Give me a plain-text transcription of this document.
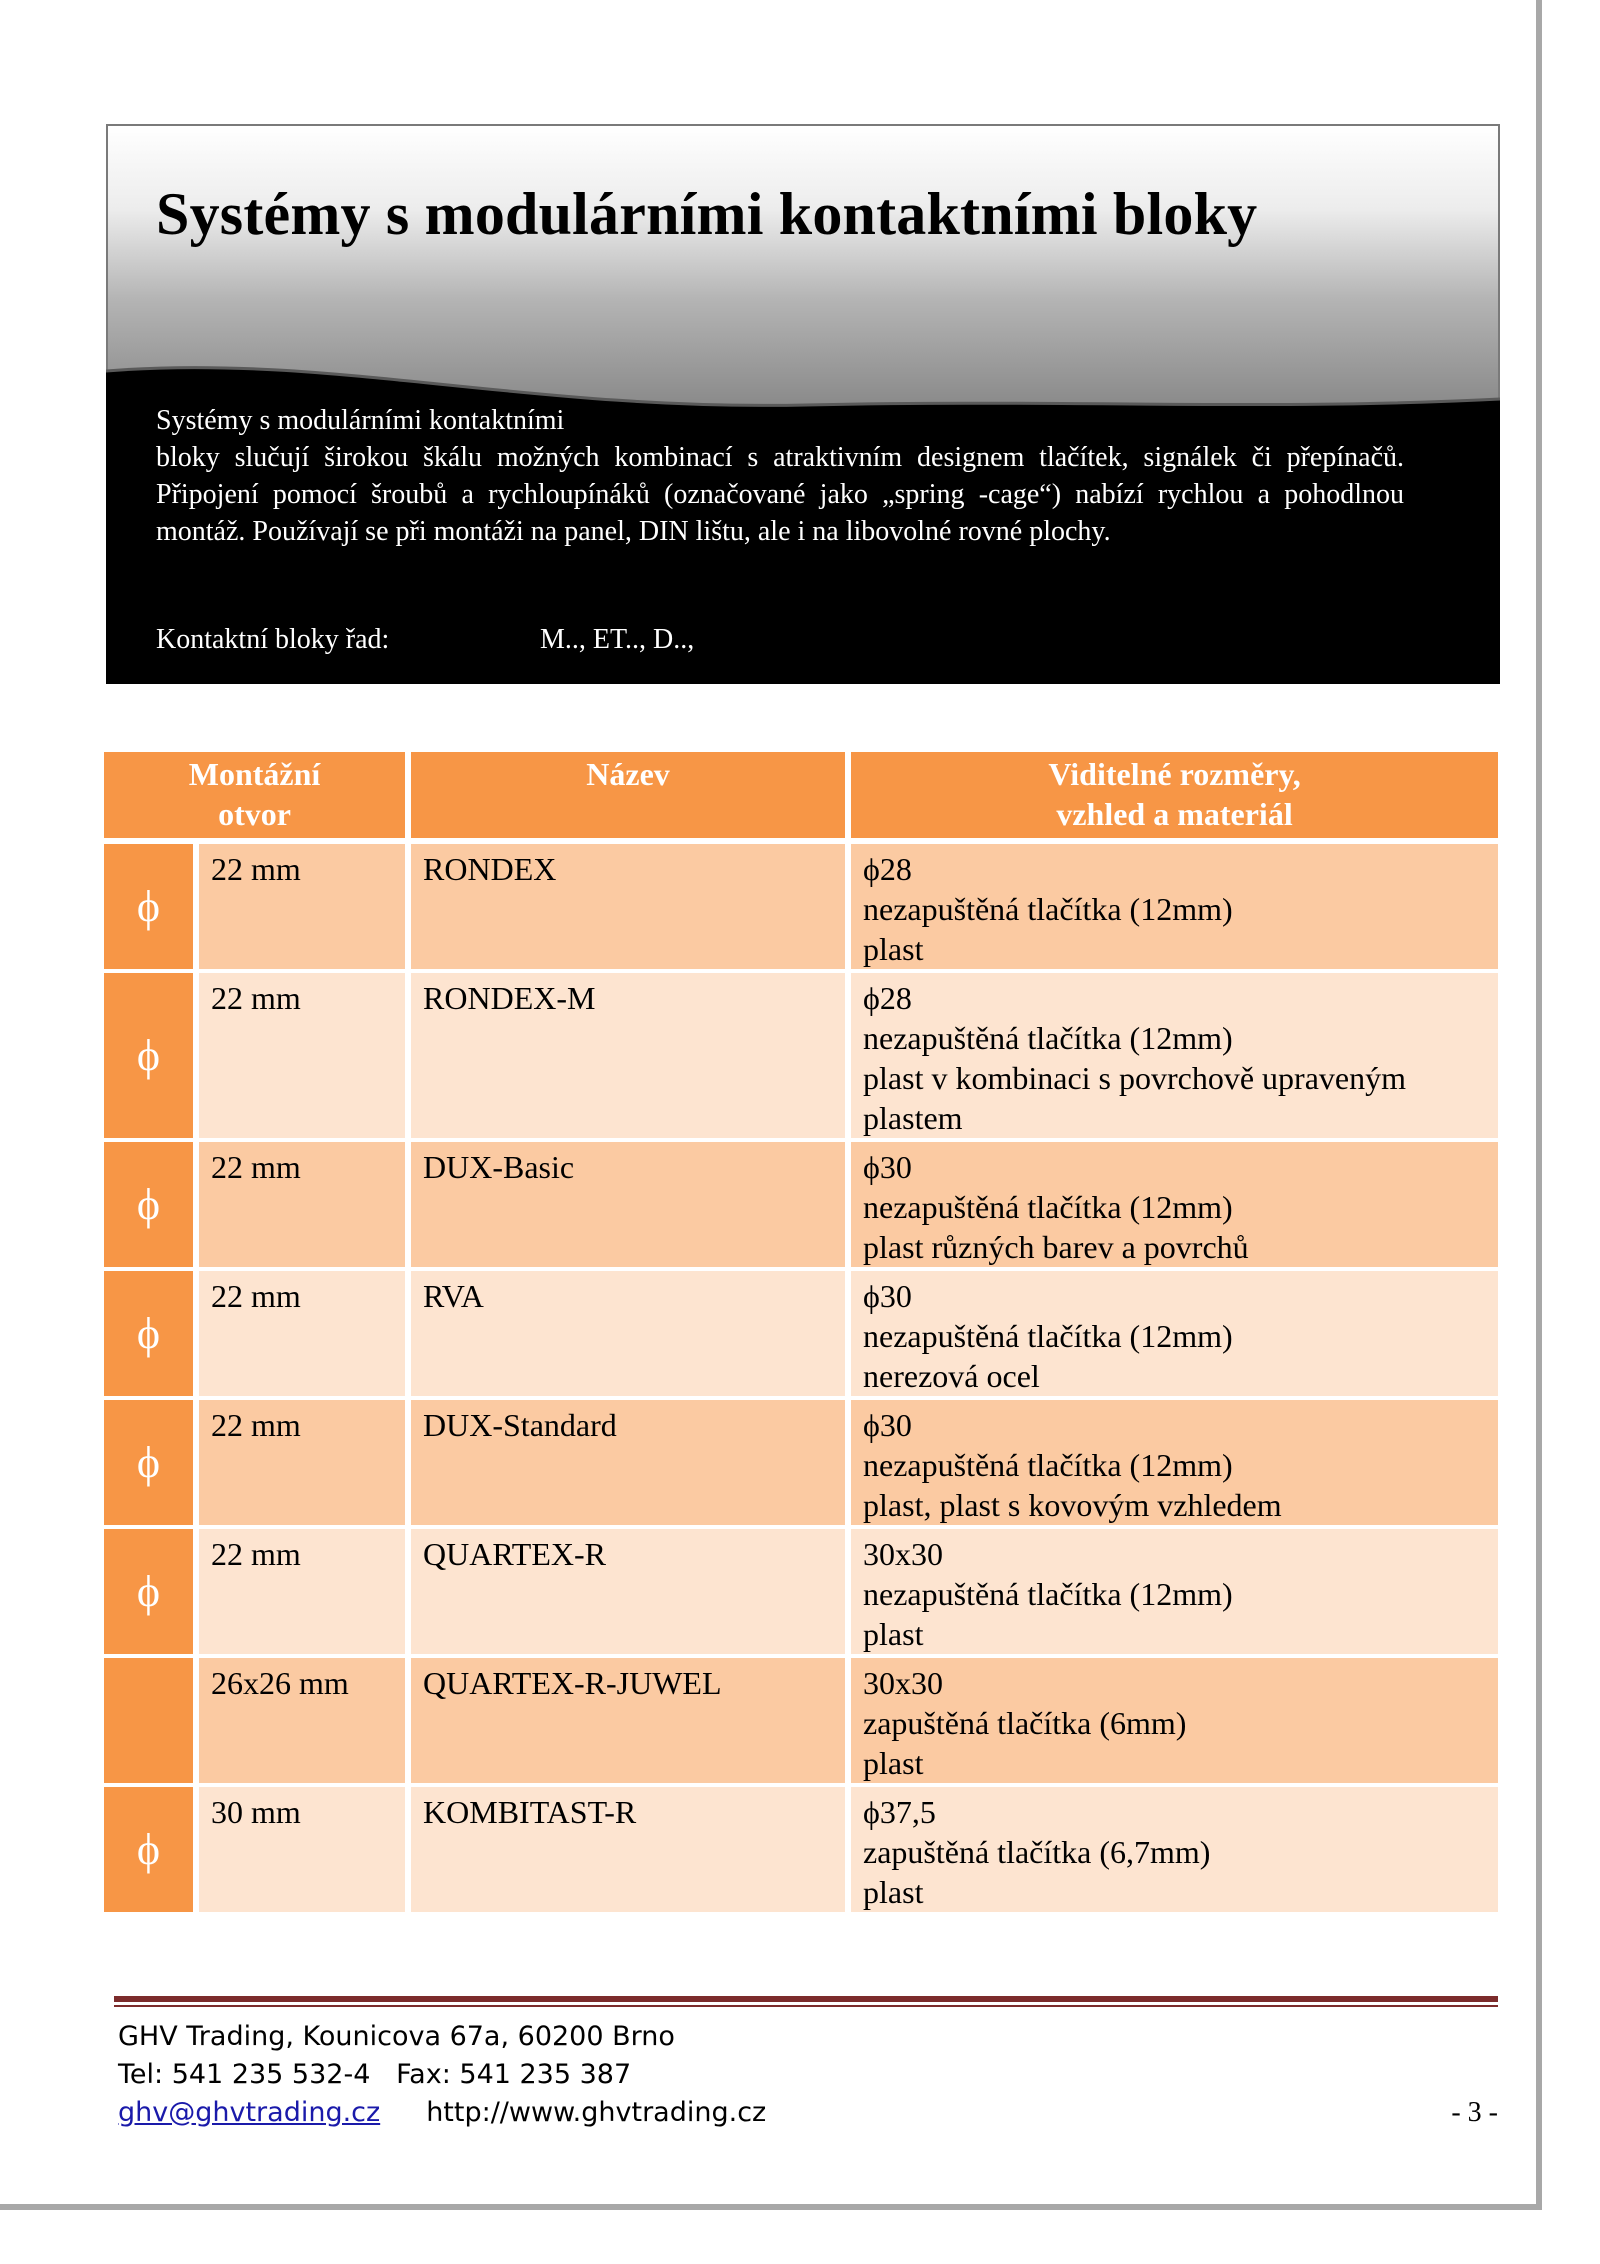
Systémy s modulárními kontaktními bloky
Systémy s modulárními kontaktními

bloky slučují širokou škálu možných kombinací s atraktivním designem tlačítek, signálek či přepínačů. Připojení pomocí šroubů a rychloupínáků (označované jako „spring -cage“) nabízí rychlou a pohodlnou montáž. Používají se při montáži na panel, DIN lištu, ale i na libovolné rovné plochy.

Kontaktní bloky řad:	M.., ET.., D..,
Montážní
otvor		Název	Viditelné rozměry,
vzhled a materiál

ϕ	22 mm	RONDEX	ϕ28
nezapuštěná tlačítka (12mm)
plast

ϕ	22 mm	RONDEX-M	ϕ28
nezapuštěná tlačítka (12mm)
plast v kombinaci s povrchově upraveným
plastem

ϕ	22 mm	DUX-Basic	ϕ30
nezapuštěná tlačítka (12mm)
plast různých barev a povrchů

ϕ	22 mm	RVA	ϕ30
nezapuštěná tlačítka (12mm)
nerezová ocel

ϕ	22 mm	DUX-Standard	ϕ30
nezapuštěná tlačítka (12mm)
plast, plast s kovovým vzhledem

ϕ	22 mm	QUARTEX-R	30x30
nezapuštěná tlačítka (12mm)
plast

	26x26 mm	QUARTEX-R-JUWEL	30x30
zapuštěná tlačítka (6mm)
plast

ϕ	30 mm	KOMBITAST-R	ϕ37,5
zapuštěná tlačítka (6,7mm)
plast
GHV Trading, Kounicova 67a, 60200 Brno
Tel: 541 235 532-4   Fax: 541 235 387
ghv@ghvtrading.cz http://www.ghvtrading.cz	- 3 -
